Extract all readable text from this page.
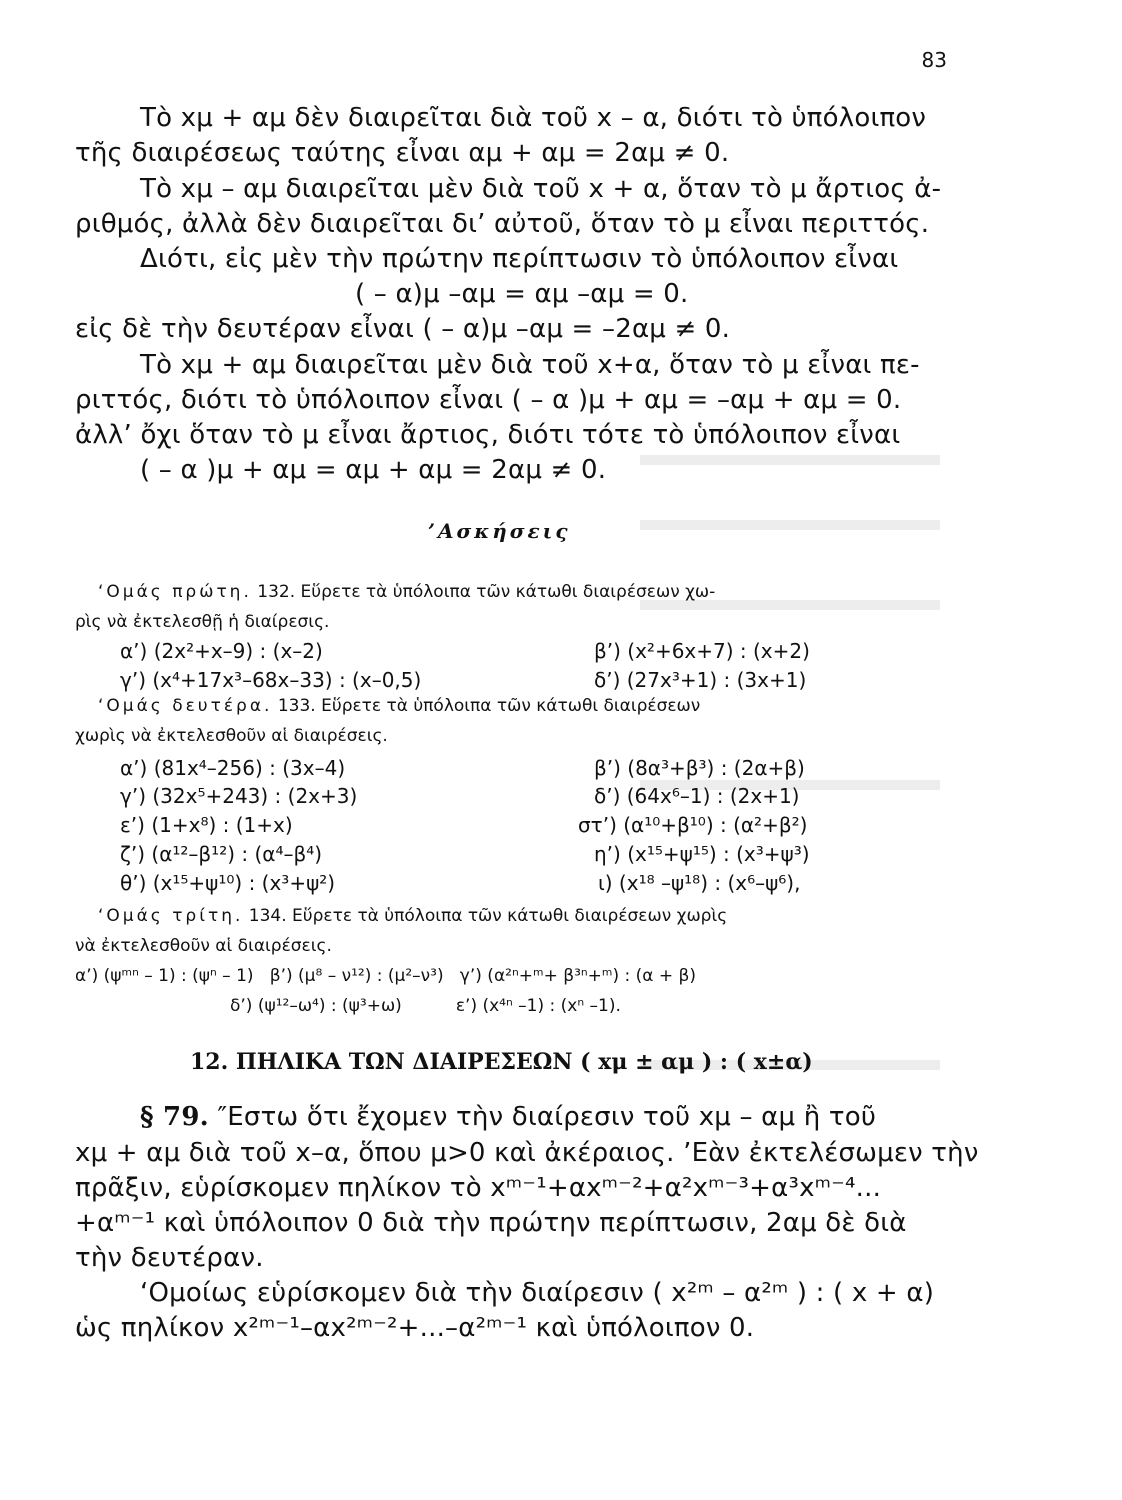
83
Τὸ xμ + αμ δὲν διαιρεῖται διὰ τοῦ x – α, διότι τὸ ὑπόλοιπον
τῆς διαιρέσεως ταύτης εἶναι αμ + αμ = 2αμ ≠ 0.
Τὸ xμ – αμ διαιρεῖται μὲν διὰ τοῦ x + α, ὅταν τὸ μ ἄρτιος ἀ-
ριθμός, ἀλλὰ δὲν διαιρεῖται δι’ αὐτοῦ, ὅταν τὸ μ εἶναι περιττός.
Διότι, εἰς μὲν τὴν πρώτην περίπτωσιν τὸ ὑπόλοιπον εἶναι
( – α)μ –αμ = αμ –αμ = 0.
εἰς δὲ τὴν δευτέραν εἶναι ( – α)μ –αμ = –2αμ ≠ 0.
Τὸ xμ + αμ διαιρεῖται μὲν διὰ τοῦ x+α, ὅταν τὸ μ εἶναι πε-
ριττός, διότι τὸ ὑπόλοιπον εἶναι ( – α )μ + αμ = –αμ + αμ = 0.
ἀλλ’ ὄχι ὅταν τὸ μ εἶναι ἄρτιος, διότι τότε τὸ ὑπόλοιπον εἶναι
( – α )μ + αμ = αμ + αμ = 2αμ ≠ 0.
’Ασκήσεις
‘Ομάς πρώτη. 132. Εὕρετε τὰ ὑπόλοιπα τῶν κάτωθι διαιρέσεων χω-
ρὶς νὰ ἐκτελεσθῇ ἡ διαίρεσις.
α’) (2x²+x–9) : (x–2)	β’) (x²+6x+7) : (x+2)
γ’) (x⁴+17x³–68x–33) : (x–0,5)	δ’) (27x³+1) : (3x+1)
‘Ομάς δευτέρα. 133. Εὕρετε τὰ ὑπόλοιπα τῶν κάτωθι διαιρέσεων
χωρὶς νὰ ἐκτελεσθοῦν αἱ διαιρέσεις.
α’) (81x⁴–256) : (3x–4)	β’) (8α³+β³) : (2α+β)
γ’) (32x⁵+243) : (2x+3)	δ’) (64x⁶–1) : (2x+1)
ε’) (1+x⁸) : (1+x)	στ’) (α¹⁰+β¹⁰) : (α²+β²)
ζ’) (α¹²–β¹²) : (α⁴–β⁴)	η’) (x¹⁵+ψ¹⁵) : (x³+ψ³)
θ’) (x¹⁵+ψ¹⁰) : (x³+ψ²)	ι) (x¹⁸ –ψ¹⁸) : (x⁶–ψ⁶),
‘Ομάς τρίτη. 134. Εὕρετε τὰ ὑπόλοιπα τῶν κάτωθι διαιρέσεων χωρὶς
νὰ ἐκτελεσθοῦν αἱ διαιρέσεις.
α’) (ψᵐⁿ – 1) : (ψⁿ – 1)   β’) (μ⁸ – ν¹²) : (μ²–ν³)   γ’) (α²ⁿ+ᵐ+ β³ⁿ+ᵐ) : (α + β)
δ’) (ψ¹²–ω⁴) : (ψ³+ω)          ε’) (x⁴ⁿ –1) : (xⁿ –1).
12. ΠΗΛΙΚΑ ΤΩΝ ΔΙΑΙΡΕΣΕΩΝ ( xμ ± αμ ) : ( x±α)
§ 79. ″Εστω ὅτι ἔχομεν τὴν διαίρεσιν τοῦ xμ – αμ ἢ τοῦ
xμ + αμ διὰ τοῦ x–α, ὅπου μ>0 καὶ ἀκέραιος. ’Εὰν ἐκτελέσωμεν τὴν
πρᾶξιν, εὑρίσκομεν πηλίκον τὸ xᵐ⁻¹+αxᵐ⁻²+α²xᵐ⁻³+α³xᵐ⁻⁴...
+αᵐ⁻¹ καὶ ὑπόλοιπον 0 διὰ τὴν πρώτην περίπτωσιν, 2αμ δὲ διὰ
τὴν δευτέραν.
‘Ομοίως εὑρίσκομεν διὰ τὴν διαίρεσιν ( x²ᵐ – α²ᵐ ) : ( x + α)
ὡς πηλίκον x²ᵐ⁻¹–αx²ᵐ⁻²+...–α²ᵐ⁻¹ καὶ ὑπόλοιπον 0.
